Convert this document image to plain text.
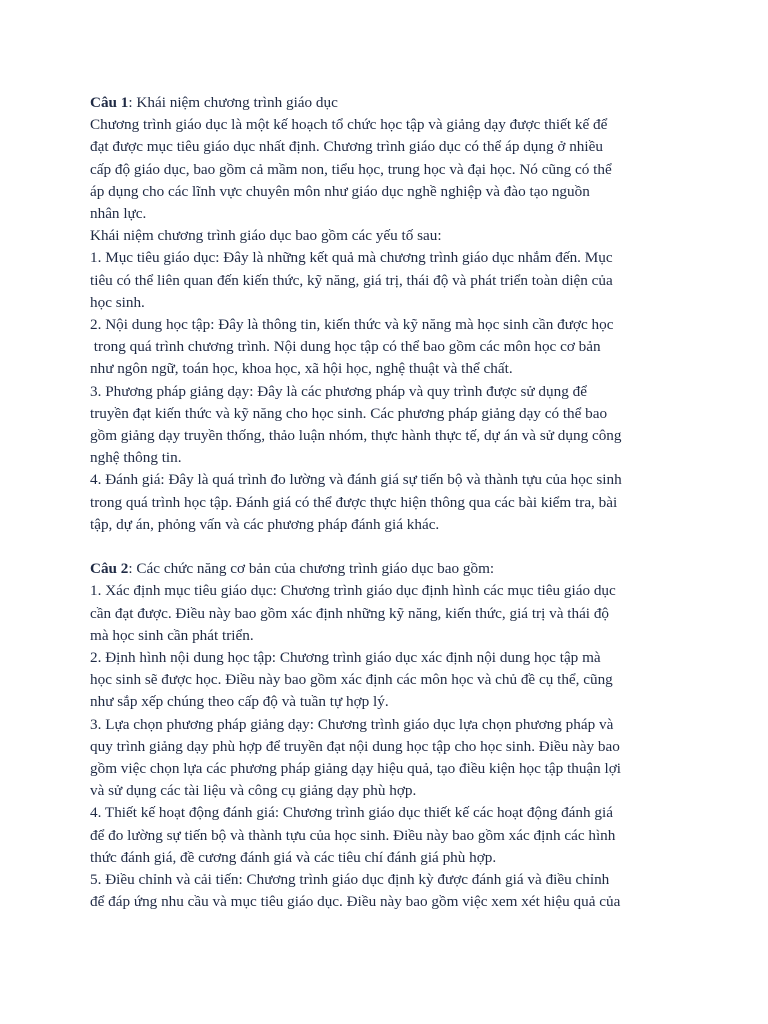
Câu 1: Khái niệm chương trình giáo dục
Chương trình giáo dục là một kế hoạch tổ chức học tập và giảng dạy được thiết kế để
đạt được mục tiêu giáo dục nhất định. Chương trình giáo dục có thể áp dụng ở nhiều
cấp độ giáo dục, bao gồm cả mầm non, tiểu học, trung học và đại học. Nó cũng có thể
áp dụng cho các lĩnh vực chuyên môn như giáo dục nghề nghiệp và đào tạo nguồn
nhân lực.
Khái niệm chương trình giáo dục bao gồm các yếu tố sau:
1. Mục tiêu giáo dục: Đây là những kết quả mà chương trình giáo dục nhắm đến. Mục
tiêu có thể liên quan đến kiến thức, kỹ năng, giá trị, thái độ và phát triển toàn diện của
học sinh.
2. Nội dung học tập: Đây là thông tin, kiến thức và kỹ năng mà học sinh cần được học
trong quá trình chương trình. Nội dung học tập có thể bao gồm các môn học cơ bản
như ngôn ngữ, toán học, khoa học, xã hội học, nghệ thuật và thể chất.
3. Phương pháp giảng dạy: Đây là các phương pháp và quy trình được sử dụng để
truyền đạt kiến thức và kỹ năng cho học sinh. Các phương pháp giảng dạy có thể bao
gồm giảng dạy truyền thống, thảo luận nhóm, thực hành thực tế, dự án và sử dụng công
nghệ thông tin.
4. Đánh giá: Đây là quá trình đo lường và đánh giá sự tiến bộ và thành tựu của học sinh
trong quá trình học tập. Đánh giá có thể được thực hiện thông qua các bài kiểm tra, bài
tập, dự án, phỏng vấn và các phương pháp đánh giá khác.
Câu 2: Các chức năng cơ bản của chương trình giáo dục bao gồm:
1. Xác định mục tiêu giáo dục: Chương trình giáo dục định hình các mục tiêu giáo dục
cần đạt được. Điều này bao gồm xác định những kỹ năng, kiến thức, giá trị và thái độ
mà học sinh cần phát triển.
2. Định hình nội dung học tập: Chương trình giáo dục xác định nội dung học tập mà
học sinh sẽ được học. Điều này bao gồm xác định các môn học và chủ đề cụ thể, cũng
như sắp xếp chúng theo cấp độ và tuần tự hợp lý.
3. Lựa chọn phương pháp giảng dạy: Chương trình giáo dục lựa chọn phương pháp và
quy trình giảng dạy phù hợp để truyền đạt nội dung học tập cho học sinh. Điều này bao
gồm việc chọn lựa các phương pháp giảng dạy hiệu quả, tạo điều kiện học tập thuận lợi
và sử dụng các tài liệu và công cụ giảng dạy phù hợp.
4. Thiết kế hoạt động đánh giá: Chương trình giáo dục thiết kế các hoạt động đánh giá
để đo lường sự tiến bộ và thành tựu của học sinh. Điều này bao gồm xác định các hình
thức đánh giá, đề cương đánh giá và các tiêu chí đánh giá phù hợp.
5. Điều chỉnh và cải tiến: Chương trình giáo dục định kỳ được đánh giá và điều chỉnh
để đáp ứng nhu cầu và mục tiêu giáo dục. Điều này bao gồm việc xem xét hiệu quả của
